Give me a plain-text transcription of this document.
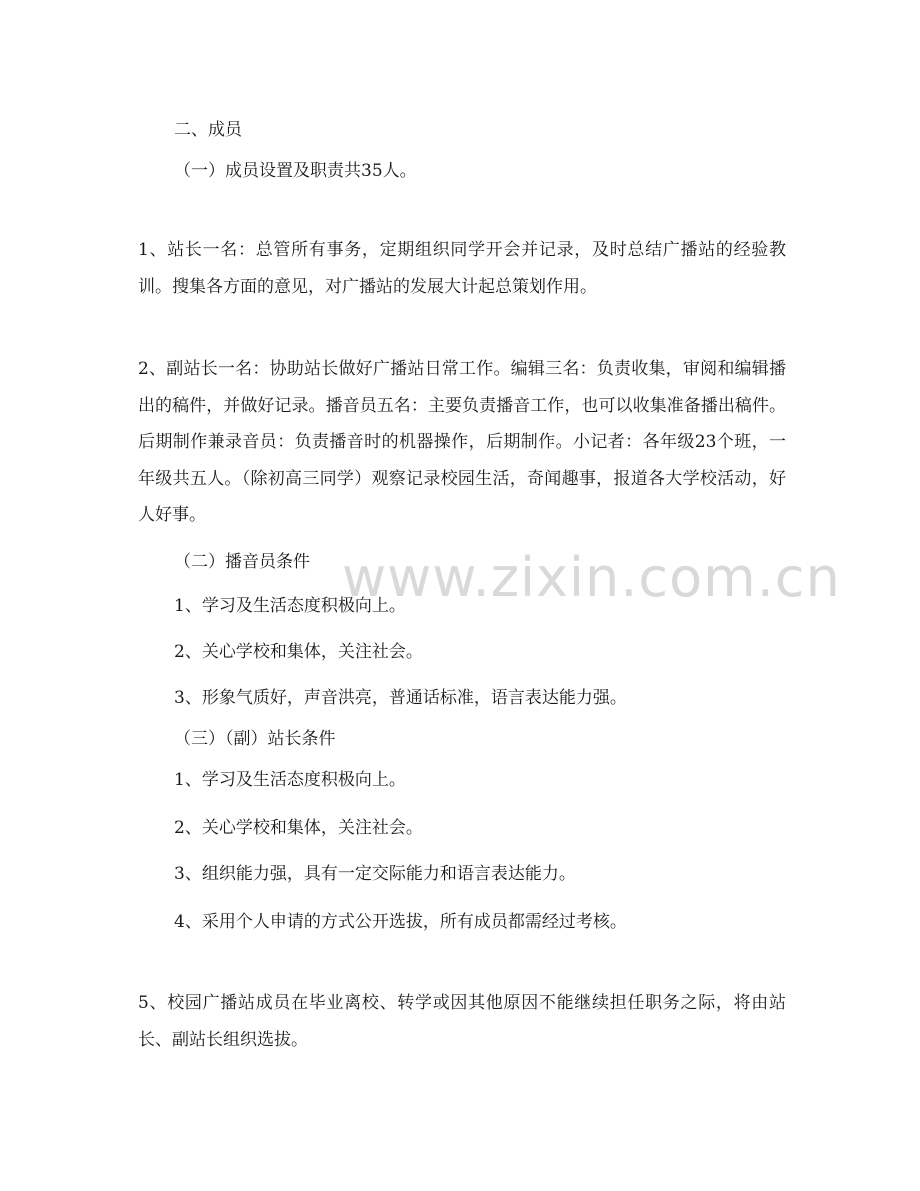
二、成员
（一）成员设置及职责共35人。
1、站长一名：总管所有事务，定期组织同学开会并记录，及时总结广播站的经验教训。搜集各方面的意见，对广播站的发展大计起总策划作用。
2、副站长一名：协助站长做好广播站日常工作。编辑三名：负责收集，审阅和编辑播出的稿件，并做好记录。播音员五名：主要负责播音工作，也可以收集准备播出稿件。后期制作兼录音员：负责播音时的机器操作，后期制作。小记者：各年级23个班，一年级共五人。（除初高三同学）观察记录校园生活，奇闻趣事，报道各大学校活动，好人好事。
（二）播音员条件
1、学习及生活态度积极向上。
2、关心学校和集体，关注社会。
3、形象气质好，声音洪亮，普通话标准，语言表达能力强。
（三）（副）站长条件
1、学习及生活态度积极向上。
2、关心学校和集体，关注社会。
3、组织能力强，具有一定交际能力和语言表达能力。
4、采用个人申请的方式公开选拔，所有成员都需经过考核。
5、校园广播站成员在毕业离校、转学或因其他原因不能继续担任职务之际，将由站长、副站长组织选拔。
www.zixin.com.cn
